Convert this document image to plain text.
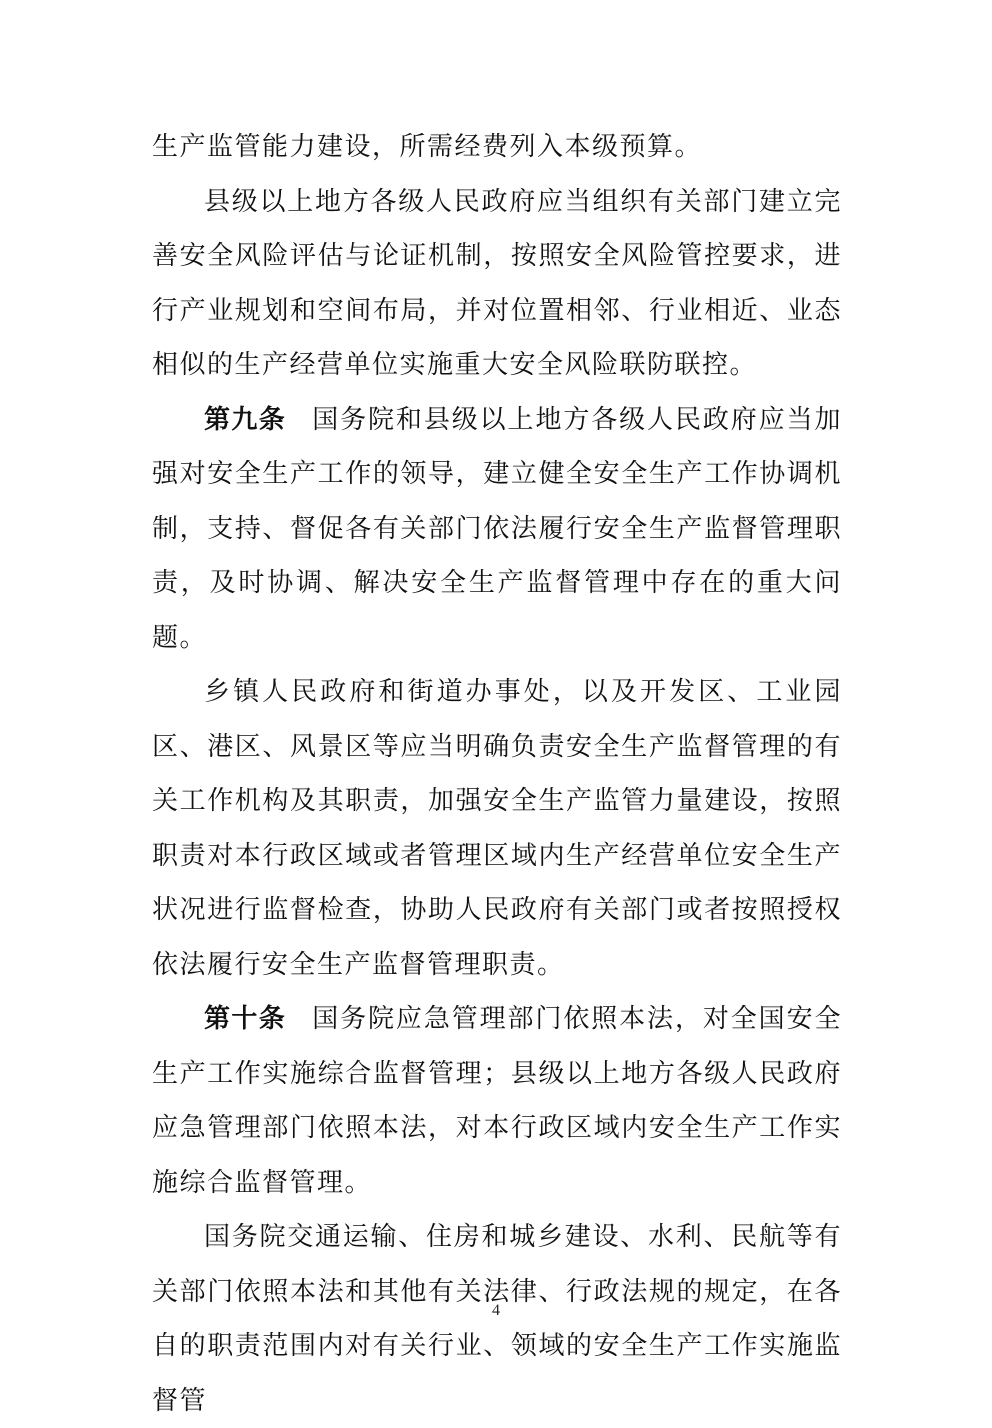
生产监管能力建设，所需经费列入本级预算。

县级以上地方各级人民政府应当组织有关部门建立完善安全风险评估与论证机制，按照安全风险管控要求，进行产业规划和空间布局，并对位置相邻、行业相近、业态相似的生产经营单位实施重大安全风险联防联控。

第九条 国务院和县级以上地方各级人民政府应当加强对安全生产工作的领导，建立健全安全生产工作协调机制，支持、督促各有关部门依法履行安全生产监督管理职责，及时协调、解决安全生产监督管理中存在的重大问题。

乡镇人民政府和街道办事处，以及开发区、工业园区、港区、风景区等应当明确负责安全生产监督管理的有关工作机构及其职责，加强安全生产监管力量建设，按照职责对本行政区域或者管理区域内生产经营单位安全生产状况进行监督检查，协助人民政府有关部门或者按照授权依法履行安全生产监督管理职责。

第十条 国务院应急管理部门依照本法，对全国安全生产工作实施综合监督管理；县级以上地方各级人民政府应急管理部门依照本法，对本行政区域内安全生产工作实施综合监督管理。

国务院交通运输、住房和城乡建设、水利、民航等有关部门依照本法和其他有关法律、行政法规的规定，在各自的职责范围内对有关行业、领域的安全生产工作实施监督管

4
